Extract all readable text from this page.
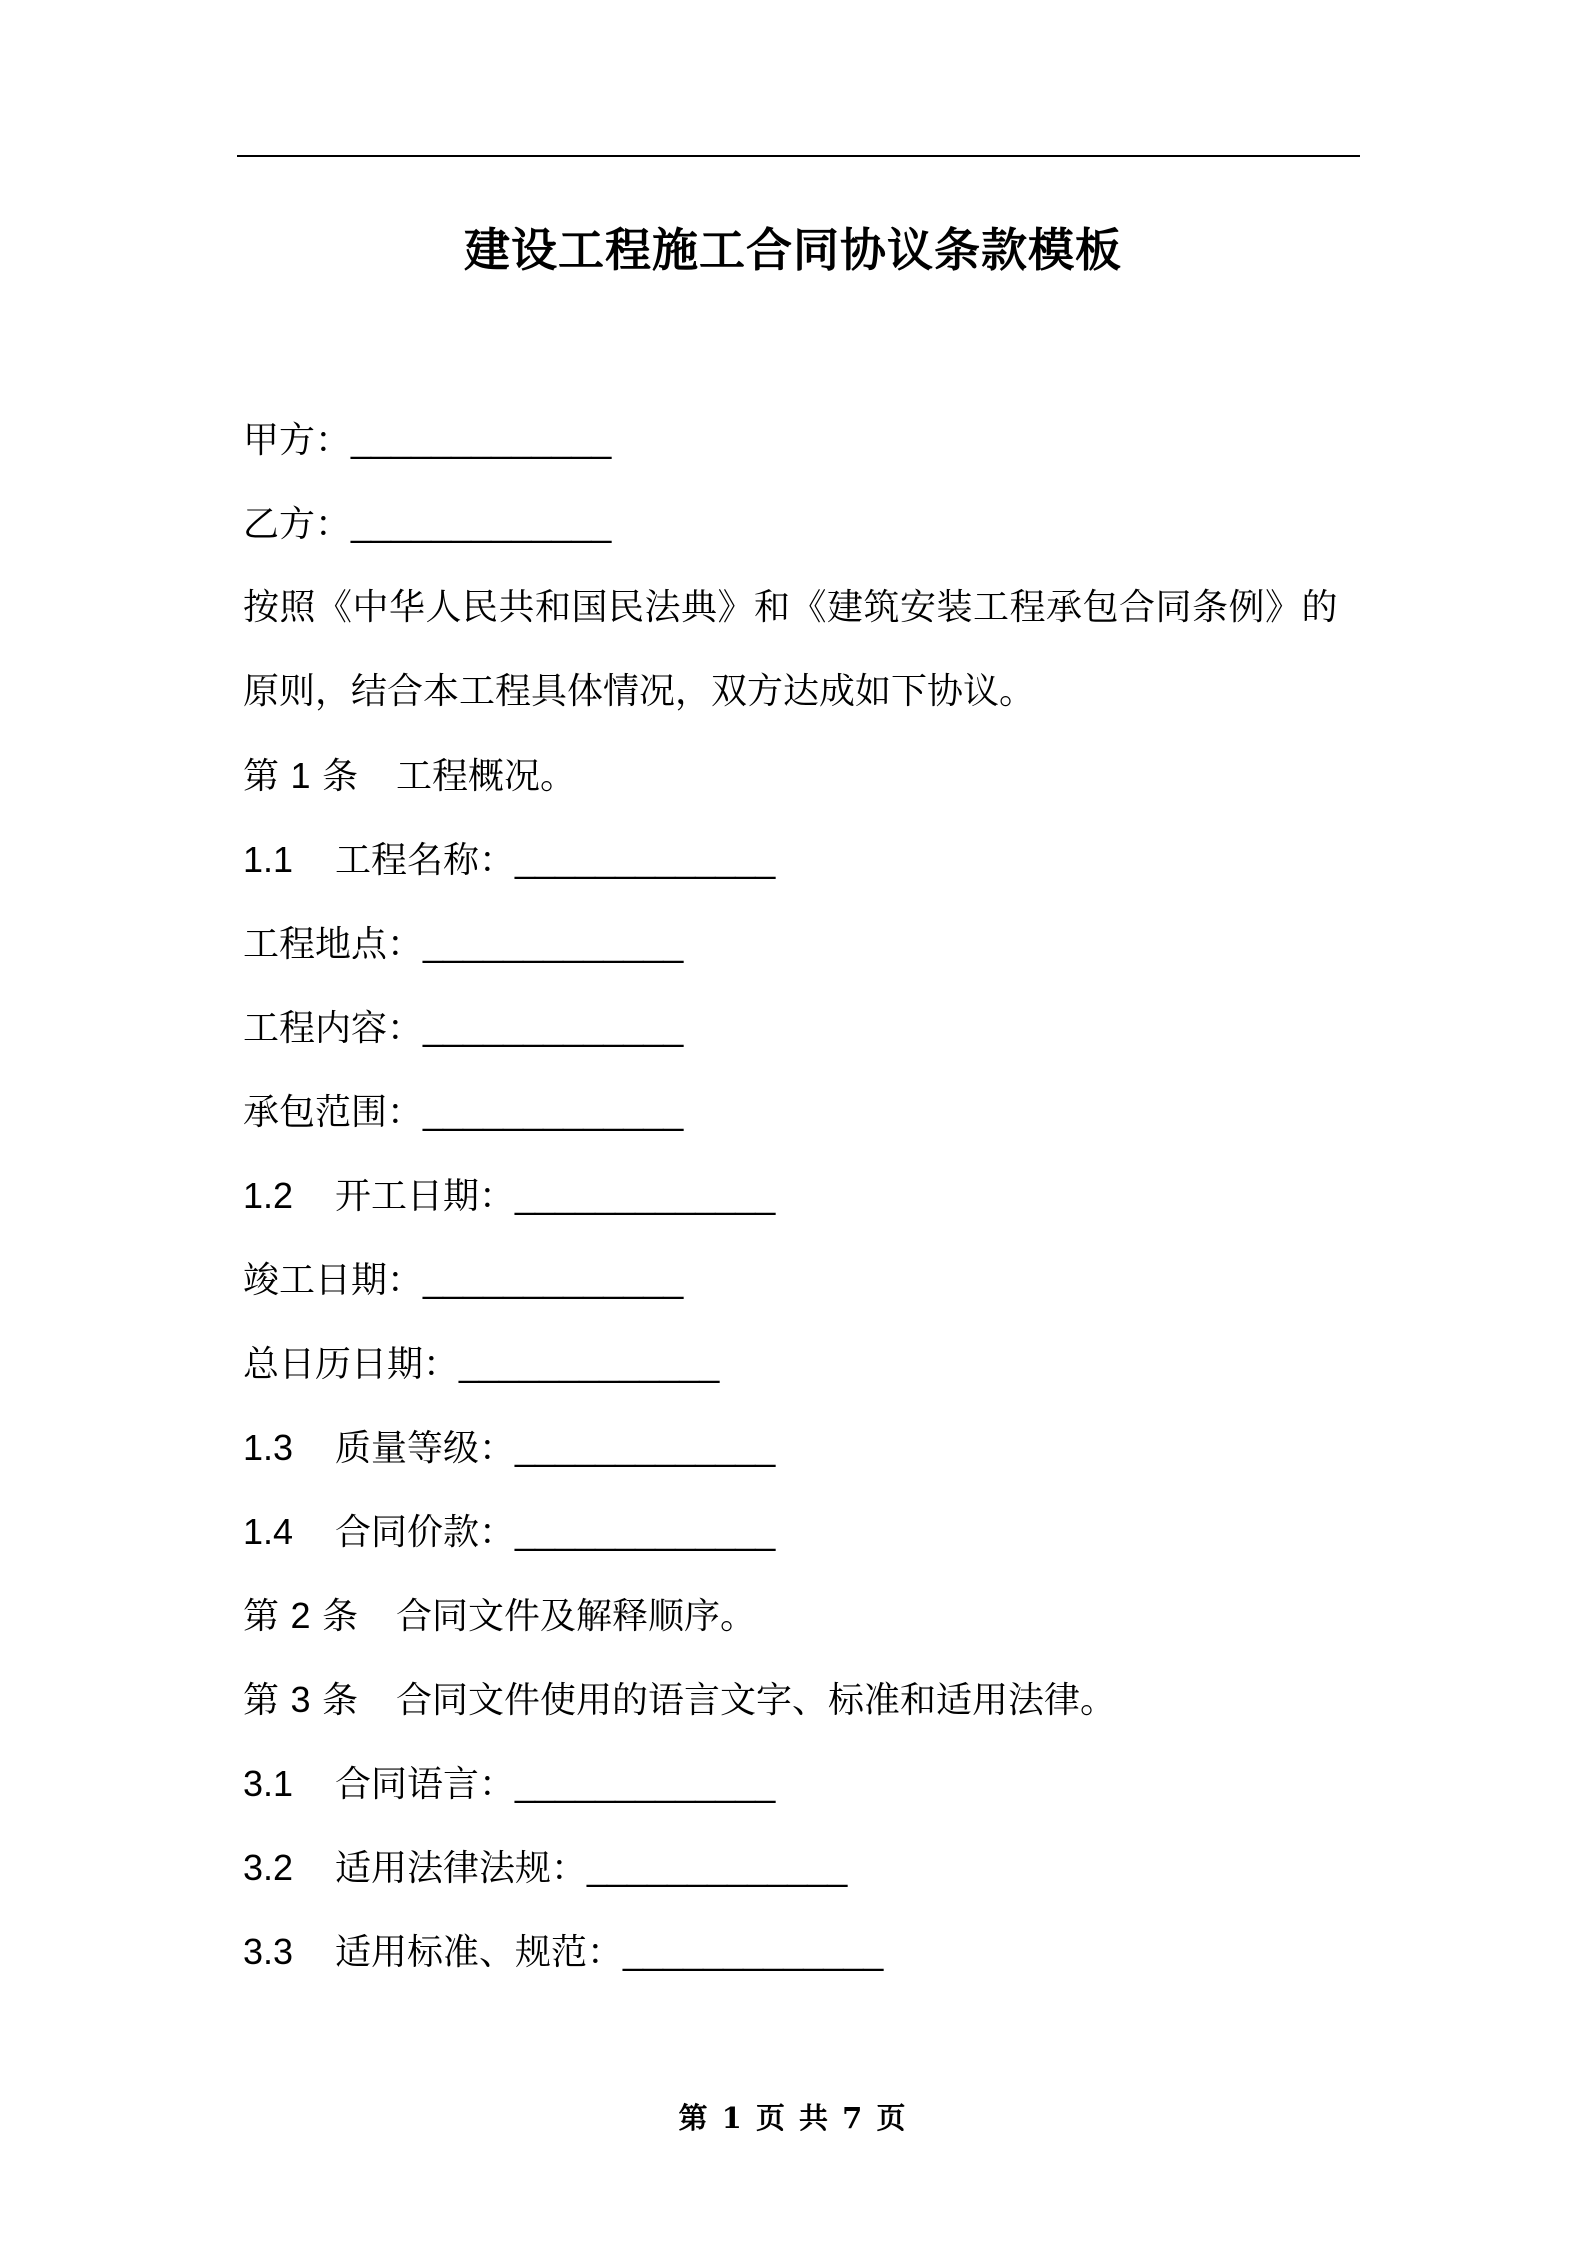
建设工程施工合同协议条款模板
甲方：_____________
乙方：_____________
按照《中华人民共和国民法典》和《建筑安装工程承包合同条例》的
原则，结合本工程具体情况，双方达成如下协议。
第 1 条 工程概况。
1.1 工程名称：_____________
工程地点：_____________
工程内容：_____________
承包范围：_____________
1.2 开工日期：_____________
竣工日期：_____________
总日历日期：_____________
1.3 质量等级：_____________
1.4 合同价款：_____________
第 2 条 合同文件及解释顺序。
第 3 条 合同文件使用的语言文字、标准和适用法律。
3.1 合同语言：_____________
3.2 适用法律法规：_____________
3.3 适用标准、规范：_____________
第 1 页 共 7 页
